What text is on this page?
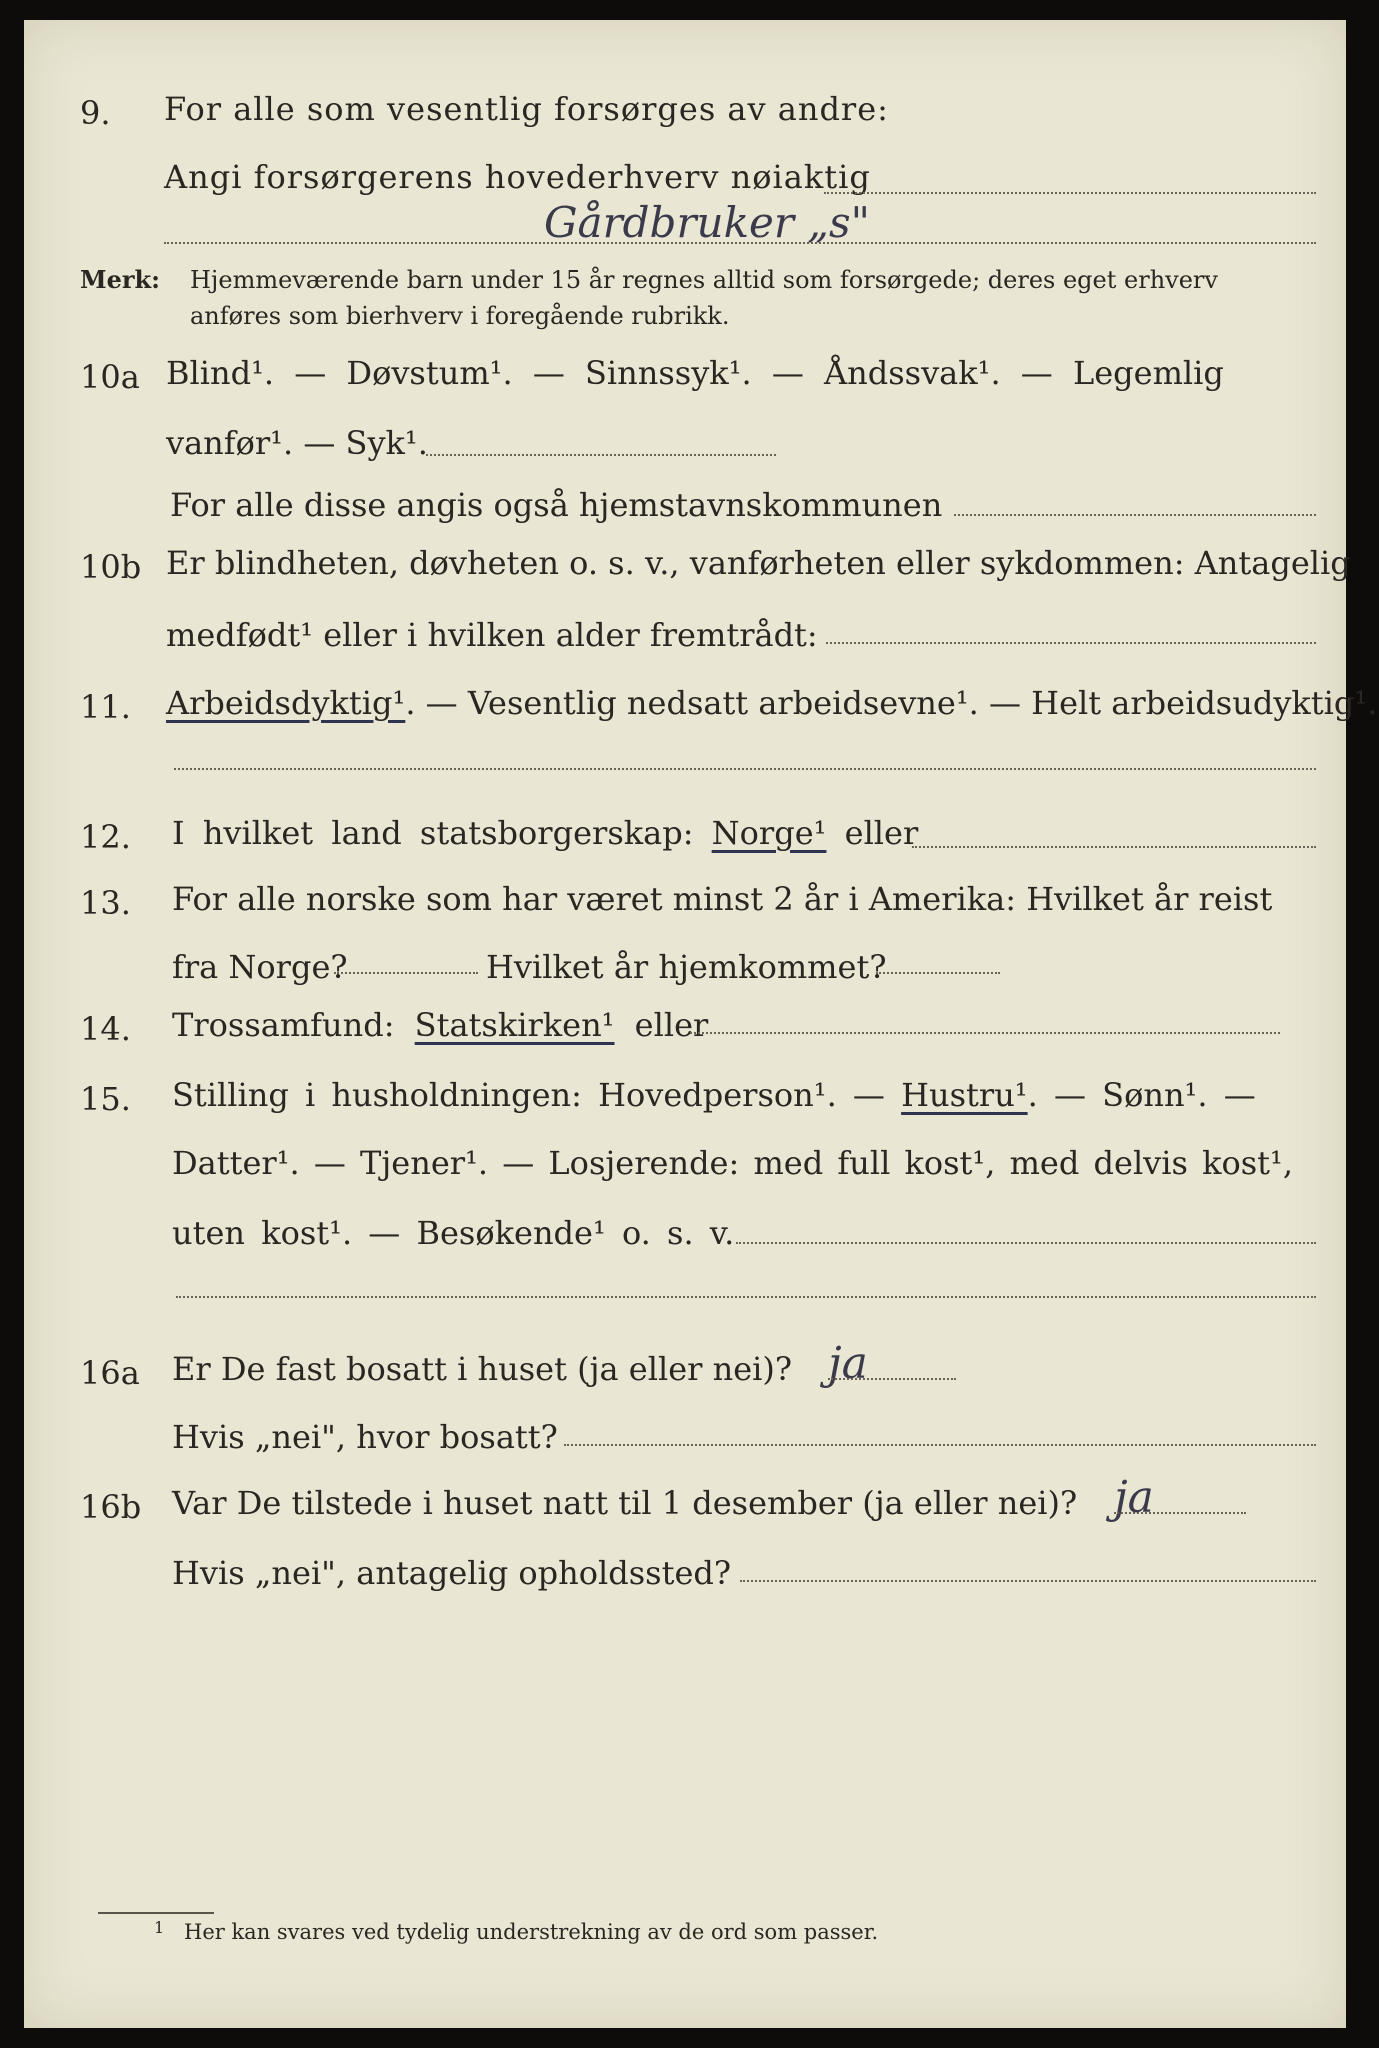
9. For alle som vesentlig forsørges av andre:
Angi forsørgerens hovederhverv nøiaktig
Gårdbruker „s"
Merk: Hjemmeværende barn under 15 år regnes alltid som forsørgede; deres eget erhverv
anføres som bierhverv i foregående rubrikk.
10a Blind¹. — Døvstum¹. — Sinnssyk¹. — Åndssvak¹. — Legemlig
vanfør¹. — Syk¹.
For alle disse angis også hjemstavnskommunen
10b Er blindheten, døvheten o. s. v., vanførheten eller sykdommen: Antagelig
medfødt¹ eller i hvilken alder fremtrådt:
11. Arbeidsdyktig¹. — Vesentlig nedsatt arbeidsevne¹. — Helt arbeidsudyktig¹.
12. I hvilket land statsborgerskap: Norge¹ eller
13. For alle norske som har været minst 2 år i Amerika: Hvilket år reist
fra Norge?	Hvilket år hjemkommet?
14. Trossamfund: Statskirken¹ eller
15. Stilling i husholdningen: Hovedperson¹. — Hustru¹. — Sønn¹. —
Datter¹. — Tjener¹. — Losjerende: med full kost¹, med delvis kost¹,
uten kost¹. — Besøkende¹ o. s. v.
16a Er De fast bosatt i huset (ja eller nei)? ja
Hvis „nei", hvor bosatt?
16b Var De tilstede i huset natt til 1 desember (ja eller nei)? ja
Hvis „nei", antagelig opholdssted?
1 Her kan svares ved tydelig understrekning av de ord som passer.
